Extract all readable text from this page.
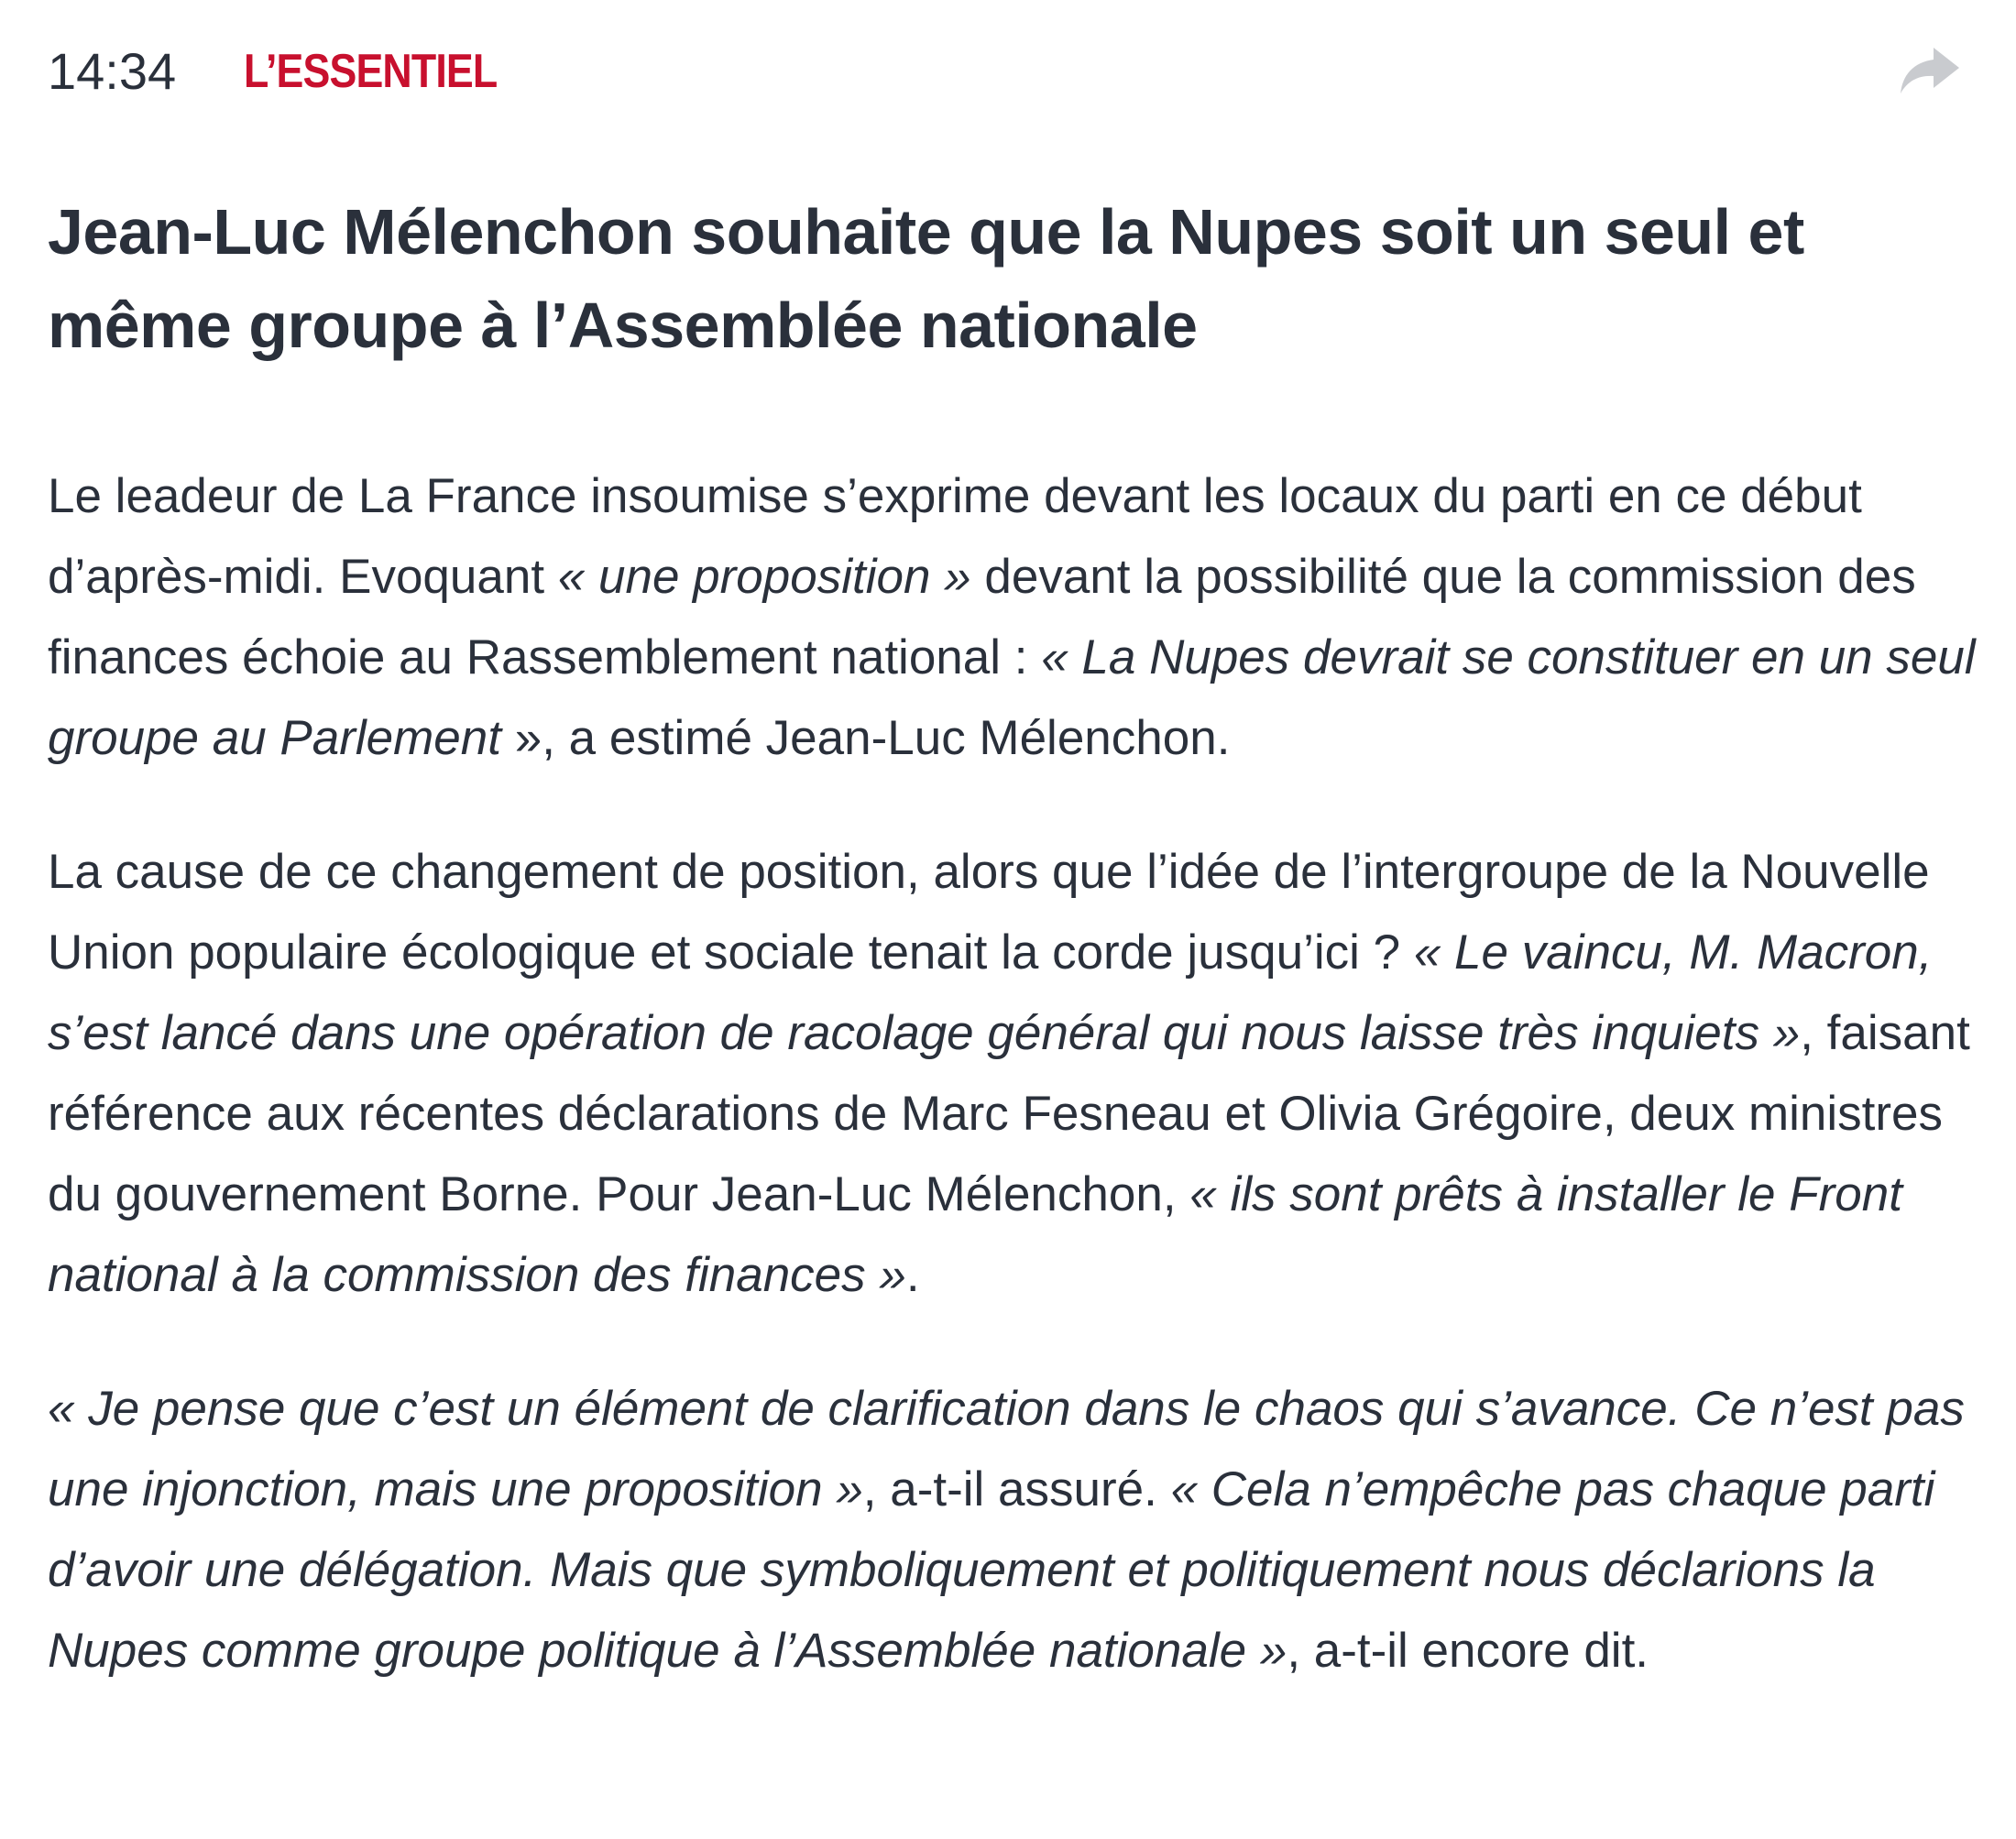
14:34 L’ESSENTIEL
Jean-Luc Mélenchon souhaite que la Nupes soit un seul et même groupe à l’Assemblée nationale

Le leadeur de La France insoumise s’exprime devant les locaux du parti en ce début d’après-midi. Evoquant « une proposition » devant la possibilité que la commission des finances échoie au Rassemblement national : « La Nupes devrait se constituer en un seul groupe au Parlement », a estimé Jean-Luc Mélenchon.

La cause de ce changement de position, alors que l’idée de l’intergroupe de la Nouvelle Union populaire écologique et sociale tenait la corde jusqu’ici ? « Le vaincu, M. Macron, s’est lancé dans une opération de racolage général qui nous laisse très inquiets », faisant référence aux récentes déclarations de Marc Fesneau et Olivia Grégoire, deux ministres du gouvernement Borne. Pour Jean-Luc Mélenchon, « ils sont prêts à installer le Front national à la commission des finances ».

« Je pense que c’est un élément de clarification dans le chaos qui s’avance. Ce n’est pas une injonction, mais une proposition », a-t-il assuré. « Cela n’empêche pas chaque parti d’avoir une délégation. Mais que symboliquement et politiquement nous déclarions la Nupes comme groupe politique à l’Assemblée nationale », a-t-il encore dit.
